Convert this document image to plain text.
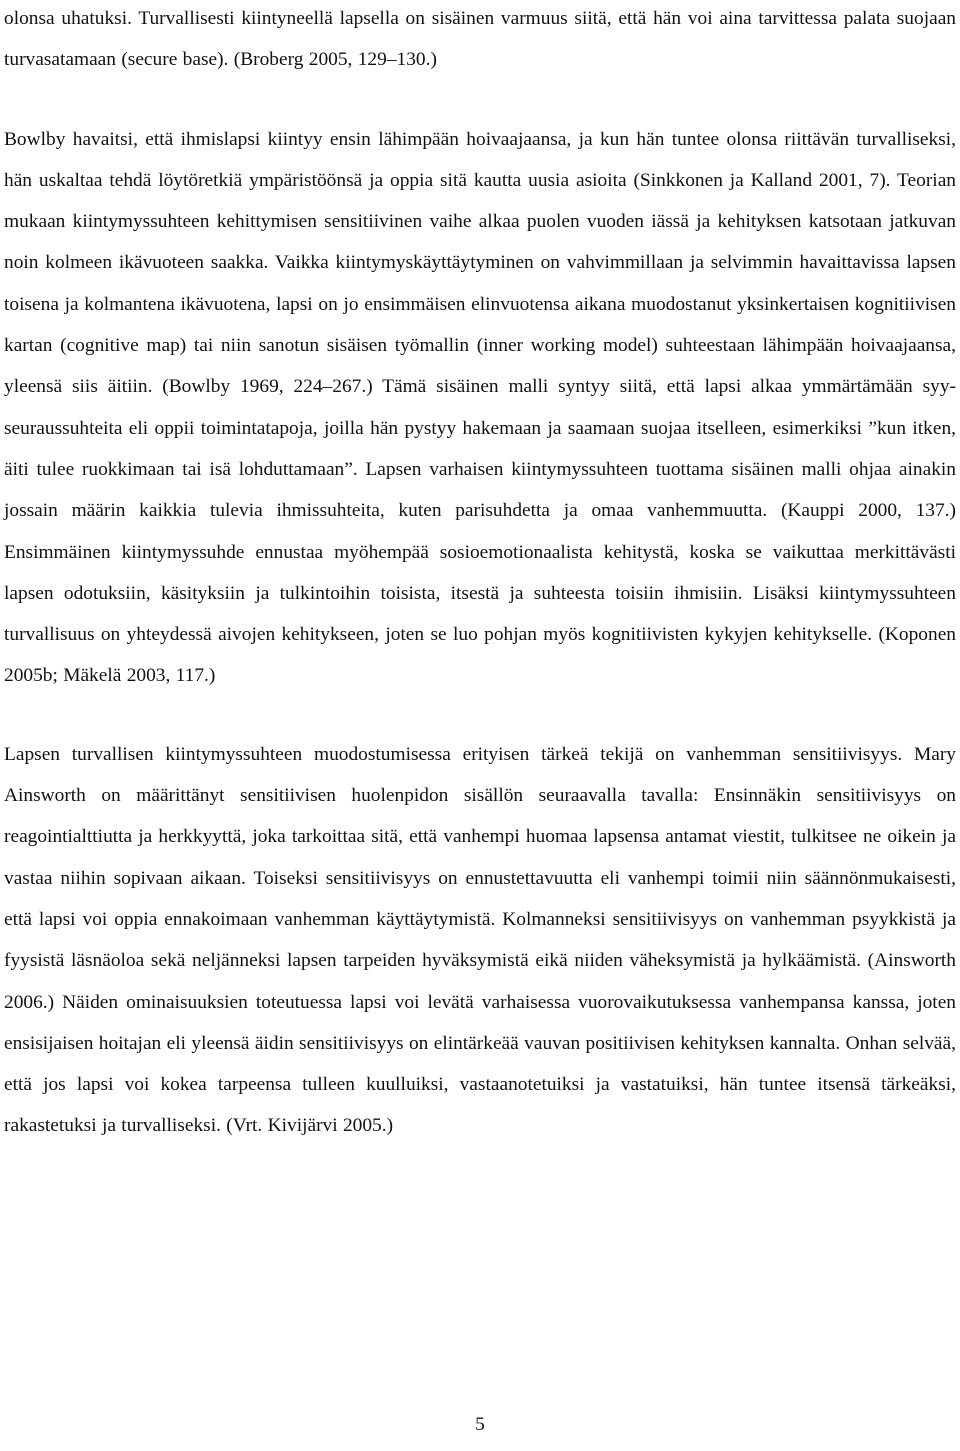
olonsa uhatuksi. Turvallisesti kiintyneellä lapsella on sisäinen varmuus siitä, että hän voi aina tarvittessa palata suojaan turvasatamaan (secure base). (Broberg 2005, 129–130.)

Bowlby havaitsi, että ihmislapsi kiintyy ensin lähimpään hoivaajaansa, ja kun hän tuntee olonsa riittävän turvalliseksi, hän uskaltaa tehdä löytöretkiä ympäristöönsä ja oppia sitä kautta uusia asioita (Sinkkonen ja Kalland 2001, 7). Teorian mukaan kiintymyssuhteen kehittymisen sensitiivinen vaihe alkaa puolen vuoden iässä ja kehityksen katsotaan jatkuvan noin kolmeen ikävuoteen saakka. Vaikka kiintymyskäyttäytyminen on vahvimmillaan ja selvimmin havaittavissa lapsen toisena ja kolmantena ikävuotena, lapsi on jo ensimmäisen elinvuotensa aikana muodostanut yksinkertaisen kognitiivisen kartan (cognitive map) tai niin sanotun sisäisen työmallin (inner working model) suhteestaan lähimpään hoivaajaansa, yleensä siis äitiin. (Bowlby 1969, 224–267.) Tämä sisäinen malli syntyy siitä, että lapsi alkaa ymmärtämään syy-seuraussuhteita eli oppii toimintatapoja, joilla hän pystyy hakemaan ja saamaan suojaa itselleen, esimerkiksi ”kun itken, äiti tulee ruokkimaan tai isä lohduttamaan”. Lapsen varhaisen kiintymyssuhteen tuottama sisäinen malli ohjaa ainakin jossain määrin kaikkia tulevia ihmissuhteita, kuten parisuhdetta ja omaa vanhemmuutta. (Kauppi 2000, 137.) Ensimmäinen kiintymyssuhde ennustaa myöhempää sosioemotionaalista kehitystä, koska se vaikuttaa merkittävästi lapsen odotuksiin, käsityksiin ja tulkintoihin toisista, itsestä ja suhteesta toisiin ihmisiin. Lisäksi kiintymyssuhteen turvallisuus on yhteydessä aivojen kehitykseen, joten se luo pohjan myös kognitiivisten kykyjen kehitykselle. (Koponen 2005b; Mäkelä 2003, 117.)

Lapsen turvallisen kiintymyssuhteen muodostumisessa erityisen tärkeä tekijä on vanhemman sensitiivisyys. Mary Ainsworth on määrittänyt sensitiivisen huolenpidon sisällön seuraavalla tavalla: Ensinnäkin sensitiivisyys on reagointialttiutta ja herkkyyttä, joka tarkoittaa sitä, että vanhempi huomaa lapsensa antamat viestit, tulkitsee ne oikein ja vastaa niihin sopivaan aikaan. Toiseksi sensitiivisyys on ennustettavuutta eli vanhempi toimii niin säännönmukaisesti, että lapsi voi oppia ennakoimaan vanhemman käyttäytymistä. Kolmanneksi sensitiivisyys on vanhemman psyykkistä ja fyysistä läsnäoloa sekä neljänneksi lapsen tarpeiden hyväksymistä eikä niiden väheksymistä ja hylkäämistä. (Ainsworth 2006.) Näiden ominaisuuksien toteutuessa lapsi voi levätä varhaisessa vuorovaikutuksessa vanhempansa kanssa, joten ensisijaisen hoitajan eli yleensä äidin sensitiivisyys on elintärkeää vauvan positiivisen kehityksen kannalta. Onhan selvää, että jos lapsi voi kokea tarpeensa tulleen kuulluiksi, vastaanotetuiksi ja vastatuiksi, hän tuntee itsensä tärkeäksi, rakastetuksi ja turvalliseksi. (Vrt. Kivijärvi 2005.)

5
